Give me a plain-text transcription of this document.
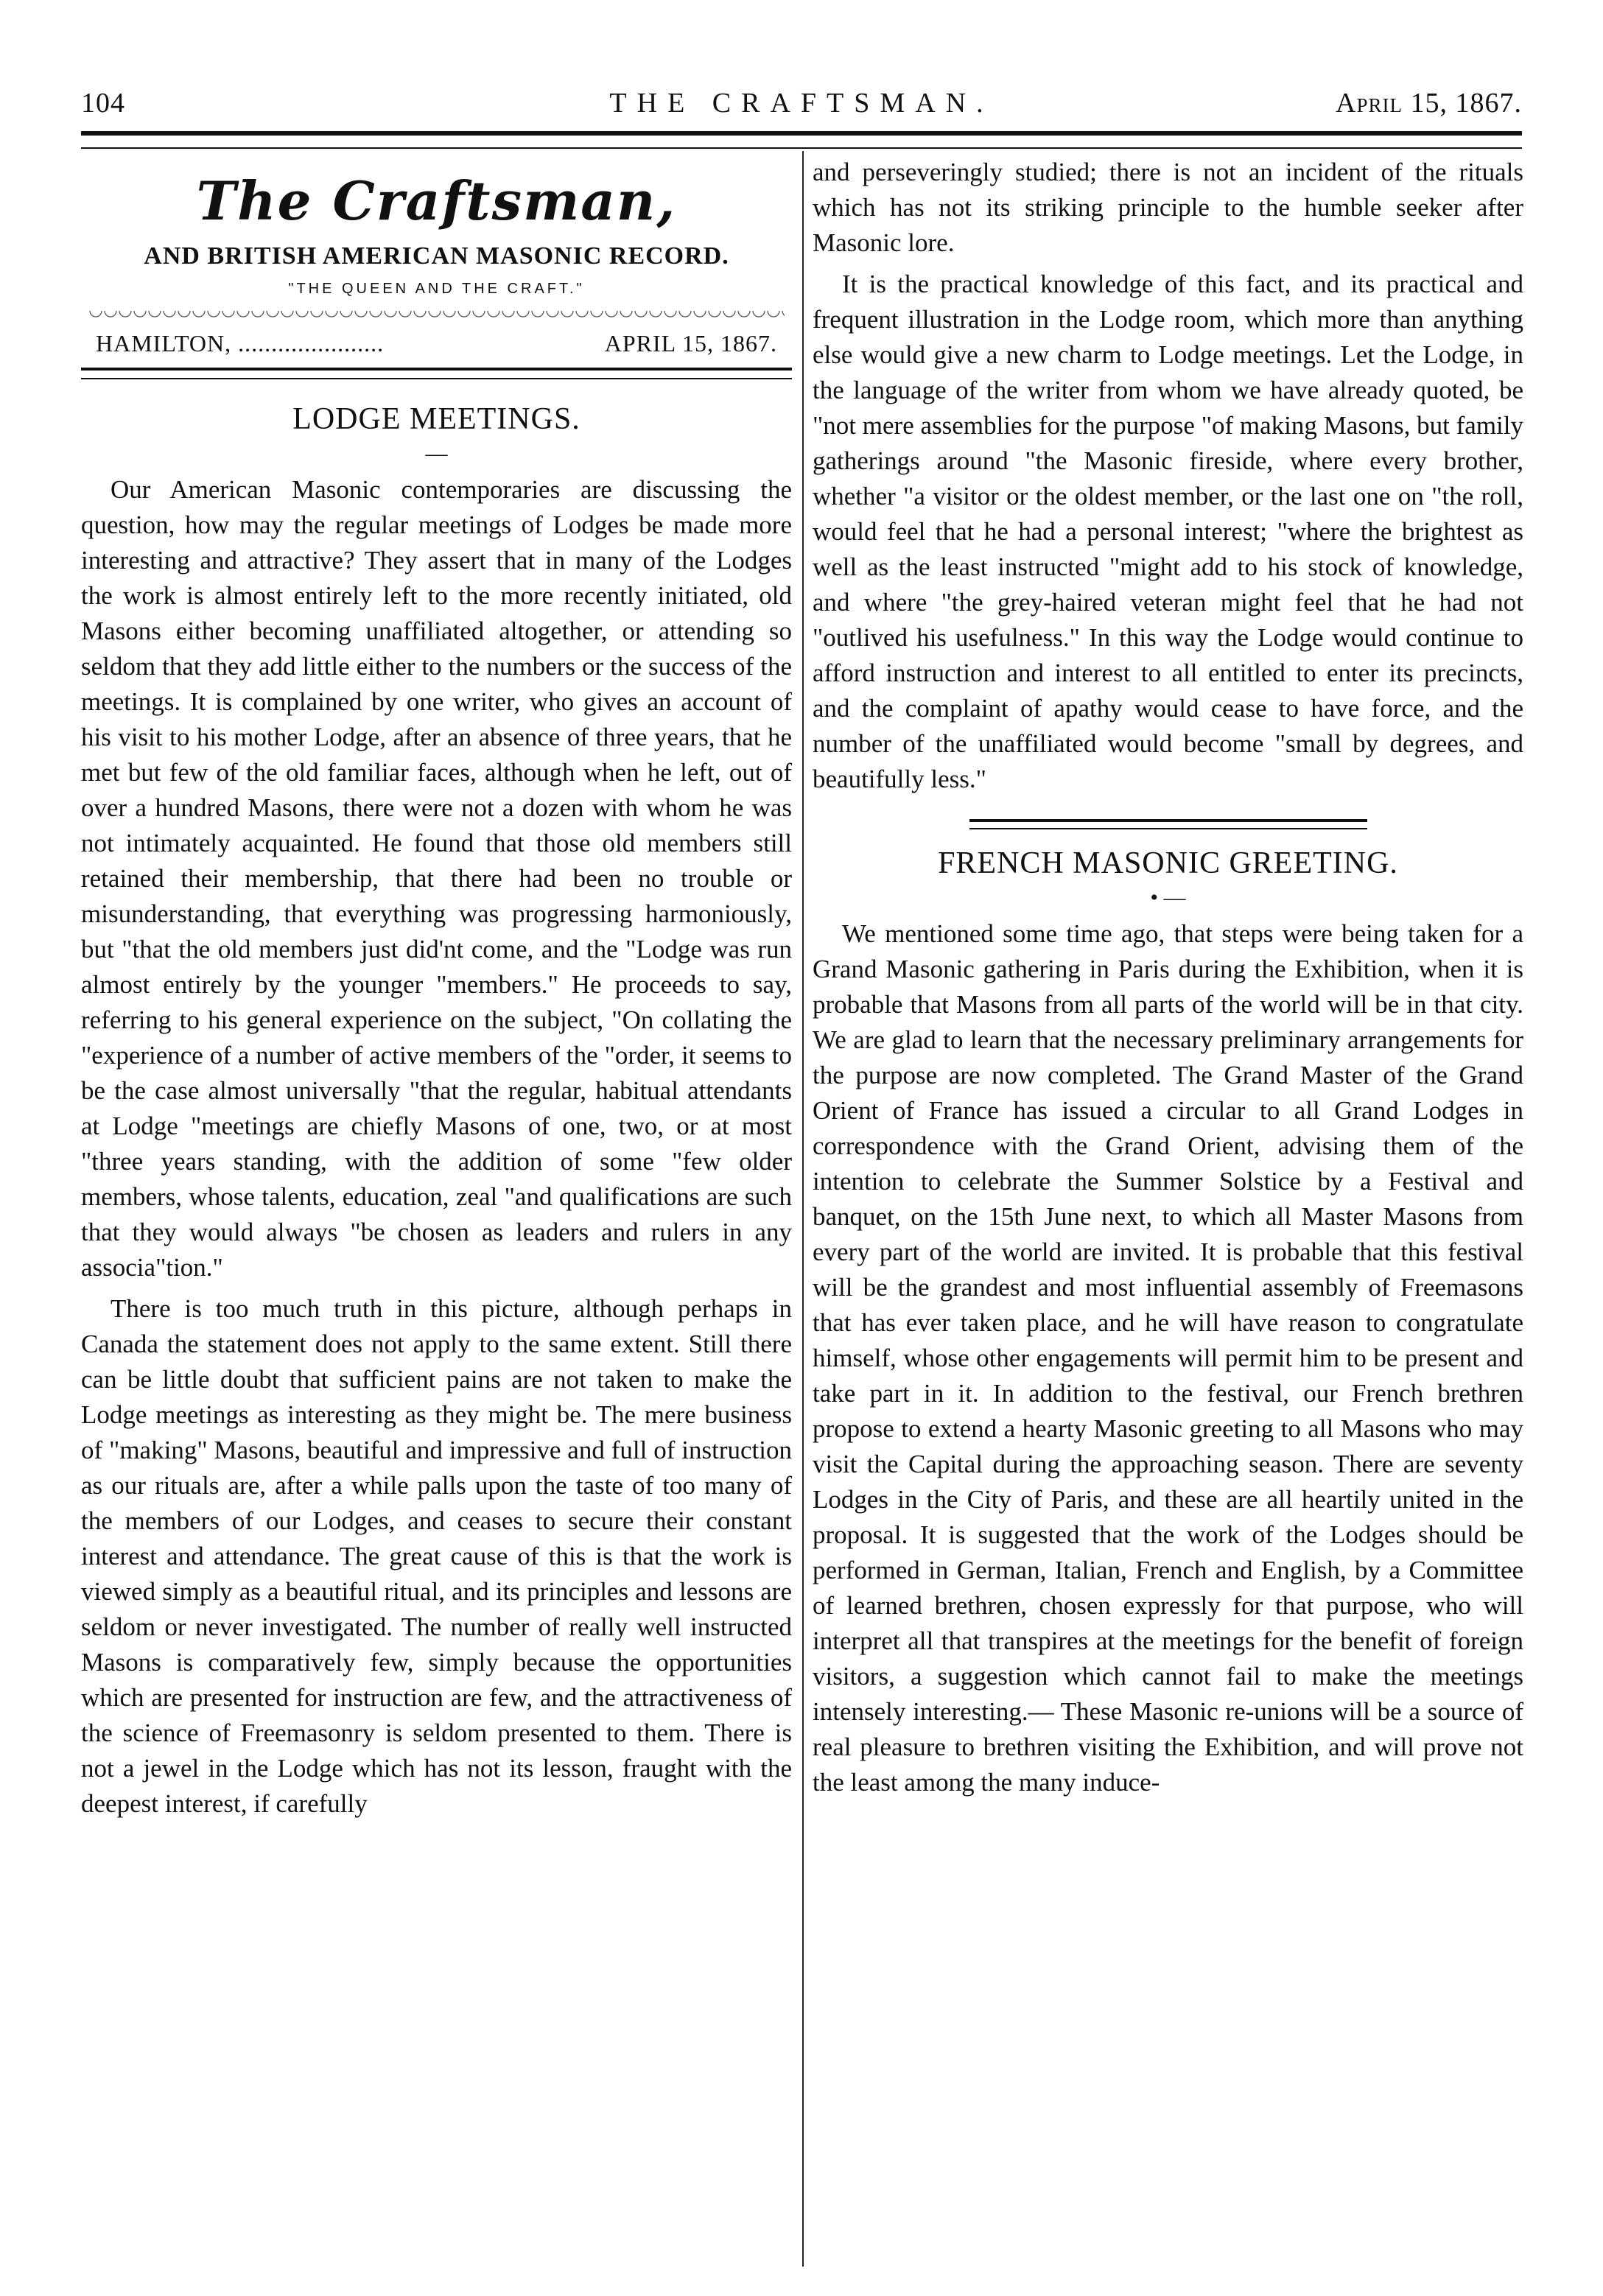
104	THE CRAFTSMAN.	April 15, 1867.
The Craftsman,
AND BRITISH AMERICAN MASONIC RECORD.
"THE QUEEN AND THE CRAFT."
HAMILTON, ......................	APRIL 15, 1867.
LODGE MEETINGS.
—

Our American Masonic contemporaries are discussing the question, how may the regular meetings of Lodges be made more interesting and attractive? They assert that in many of the Lodges the work is almost entirely left to the more recently initiated, old Masons either becoming unaffiliated altogether, or attending so seldom that they add little either to the numbers or the success of the meetings. It is complained by one writer, who gives an account of his visit to his mother Lodge, after an absence of three years, that he met but few of the old familiar faces, although when he left, out of over a hundred Masons, there were not a dozen with whom he was not intimately acquainted. He found that those old members still retained their membership, that there had been no trouble or misunderstanding, that everything was progressing harmoniously, but "that the old members just did'nt come, and the "Lodge was run almost entirely by the younger "members." He proceeds to say, referring to his general experience on the subject, "On collating the "experience of a number of active members of the "order, it seems to be the case almost universally "that the regular, habitual attendants at Lodge "meetings are chiefly Masons of one, two, or at most "three years standing, with the addition of some "few older members, whose talents, education, zeal "and qualifications are such that they would always "be chosen as leaders and rulers in any associa"tion."

There is too much truth in this picture, although perhaps in Canada the statement does not apply to the same extent. Still there can be little doubt that sufficient pains are not taken to make the Lodge meetings as interesting as they might be. The mere business of "making" Masons, beautiful and impressive and full of instruction as our rituals are, after a while palls upon the taste of too many of the members of our Lodges, and ceases to secure their constant interest and attendance. The great cause of this is that the work is viewed simply as a beautiful ritual, and its principles and lessons are seldom or never investigated. The number of really well instructed Masons is comparatively few, simply because the opportunities which are presented for instruction are few, and the attractiveness of the science of Freemasonry is seldom presented to them. There is not a jewel in the Lodge which has not its lesson, fraught with the deepest interest, if carefully

and perseveringly studied; there is not an incident of the rituals which has not its striking principle to the humble seeker after Masonic lore.

It is the practical knowledge of this fact, and its practical and frequent illustration in the Lodge room, which more than anything else would give a new charm to Lodge meetings. Let the Lodge, in the language of the writer from whom we have already quoted, be "not mere assemblies for the purpose "of making Masons, but family gatherings around "the Masonic fireside, where every brother, whether "a visitor or the oldest member, or the last one on "the roll, would feel that he had a personal interest; "where the brightest as well as the least instructed "might add to his stock of knowledge, and where "the grey-haired veteran might feel that he had not "outlived his usefulness." In this way the Lodge would continue to afford instruction and interest to all entitled to enter its precincts, and the complaint of apathy would cease to have force, and the number of the unaffiliated would become "small by degrees, and beautifully less."

FRENCH MASONIC GREETING.
• —

We mentioned some time ago, that steps were being taken for a Grand Masonic gathering in Paris during the Exhibition, when it is probable that Masons from all parts of the world will be in that city. We are glad to learn that the necessary preliminary arrangements for the purpose are now completed. The Grand Master of the Grand Orient of France has issued a circular to all Grand Lodges in correspondence with the Grand Orient, advising them of the intention to celebrate the Summer Solstice by a Festival and banquet, on the 15th June next, to which all Master Masons from every part of the world are invited. It is probable that this festival will be the grandest and most influential assembly of Freemasons that has ever taken place, and he will have reason to congratulate himself, whose other engagements will permit him to be present and take part in it. In addition to the festival, our French brethren propose to extend a hearty Masonic greeting to all Masons who may visit the Capital during the approaching season. There are seventy Lodges in the City of Paris, and these are all heartily united in the proposal. It is suggested that the work of the Lodges should be performed in German, Italian, French and English, by a Committee of learned brethren, chosen expressly for that purpose, who will interpret all that transpires at the meetings for the benefit of foreign visitors, a suggestion which cannot fail to make the meetings intensely interesting.— These Masonic re-unions will be a source of real pleasure to brethren visiting the Exhibition, and will prove not the least among the many induce-
